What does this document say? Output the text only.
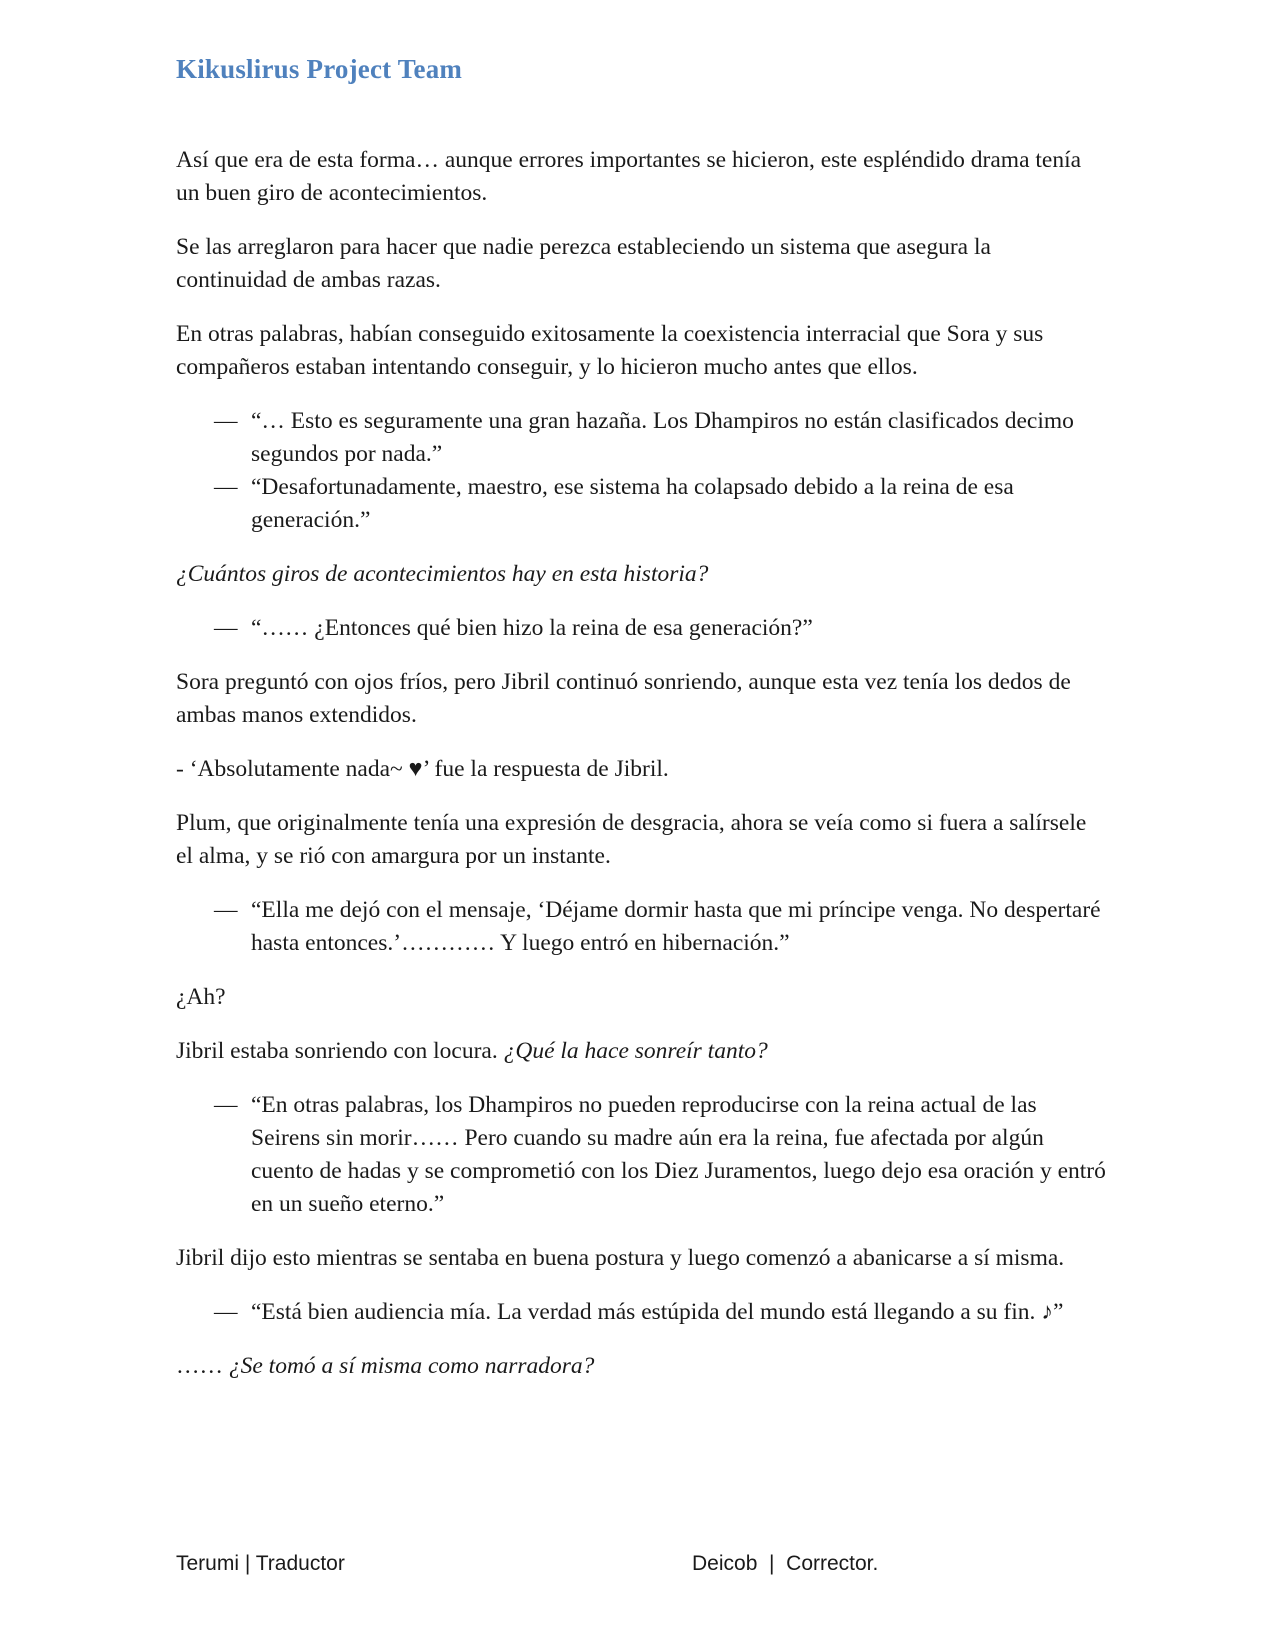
Kikuslirus Project Team

Así que era de esta forma… aunque errores importantes se hicieron, este espléndido drama tenía un buen giro de acontecimientos.

Se las arreglaron para hacer que nadie perezca estableciendo un sistema que asegura la continuidad de ambas razas.

En otras palabras, habían conseguido exitosamente la coexistencia interracial que Sora y sus compañeros estaban intentando conseguir, y lo hicieron mucho antes que ellos.

— “… Esto es seguramente una gran hazaña. Los Dhampiros no están clasificados decimo segundos por nada.”

— “Desafortunadamente, maestro, ese sistema ha colapsado debido a la reina de esa generación.”

¿Cuántos giros de acontecimientos hay en esta historia?

— “…… ¿Entonces qué bien hizo la reina de esa generación?”

Sora preguntó con ojos fríos, pero Jibril continuó sonriendo, aunque esta vez tenía los dedos de ambas manos extendidos.

- ‘Absolutamente nada~ ♥’ fue la respuesta de Jibril.

Plum, que originalmente tenía una expresión de desgracia, ahora se veía como si fuera a salírsele el alma, y se rió con amargura por un instante.

— “Ella me dejó con el mensaje, ‘Déjame dormir hasta que mi príncipe venga. No despertaré hasta entonces.’………… Y luego entró en hibernación.”

¿Ah?

Jibril estaba sonriendo con locura. ¿Qué la hace sonreír tanto?

— “En otras palabras, los Dhampiros no pueden reproducirse con la reina actual de las Seirens sin morir…… Pero cuando su madre aún era la reina, fue afectada por algún cuento de hadas y se comprometió con los Diez Juramentos, luego dejo esa oración y entró en un sueño eterno.”

Jibril dijo esto mientras se sentaba en buena postura y luego comenzó a abanicarse a sí misma.

— “Está bien audiencia mía. La verdad más estúpida del mundo está llegando a su fin. ♪”

…… ¿Se tomó a sí misma como narradora?

Terumi | Traductor	Deicob  |  Corrector.
